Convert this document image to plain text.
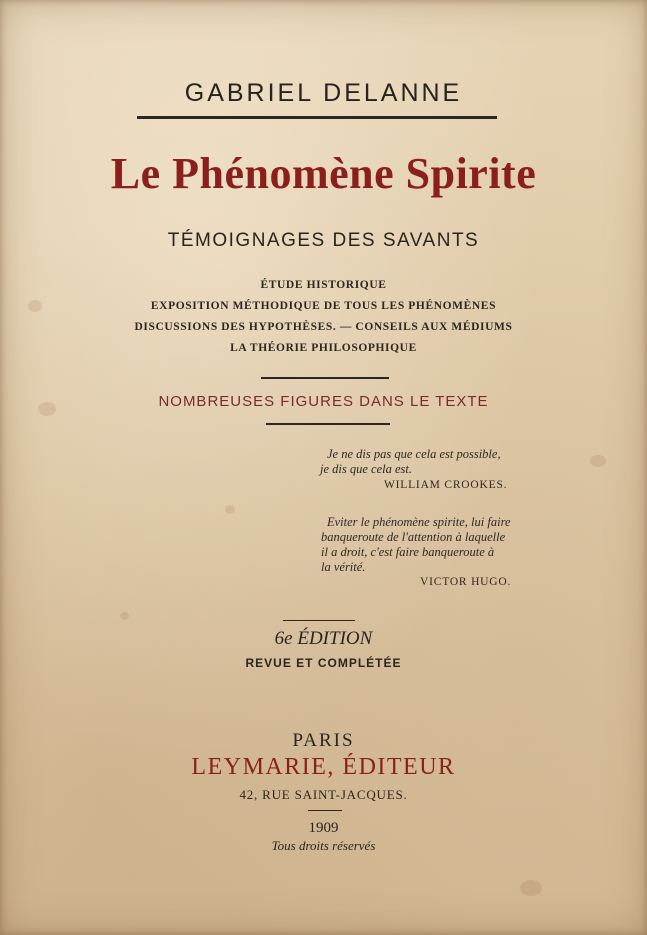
GABRIEL DELANNE
Le Phénomène Spirite
TÉMOIGNAGES DES SAVANTS
ÉTUDE HISTORIQUE
EXPOSITION MÉTHODIQUE DE TOUS LES PHÉNOMÈNES
DISCUSSIONS DES HYPOTHÈSES. — CONSEILS AUX MÉDIUMS
LA THÉORIE PHILOSOPHIQUE
NOMBREUSES FIGURES DANS LE TEXTE
Je ne dis pas que cela est possible,
je dis que cela est.
WILLIAM CROOKES.
Eviter le phénomène spirite, lui faire
banqueroute de l'attention à laquelle
il a droit, c'est faire banqueroute à
la vérité.
VICTOR HUGO.
6e ÉDITION
REVUE ET COMPLÉTÉE
PARIS
LEYMARIE, ÉDITEUR
42, RUE SAINT-JACQUES.
1909
Tous droits réservés
